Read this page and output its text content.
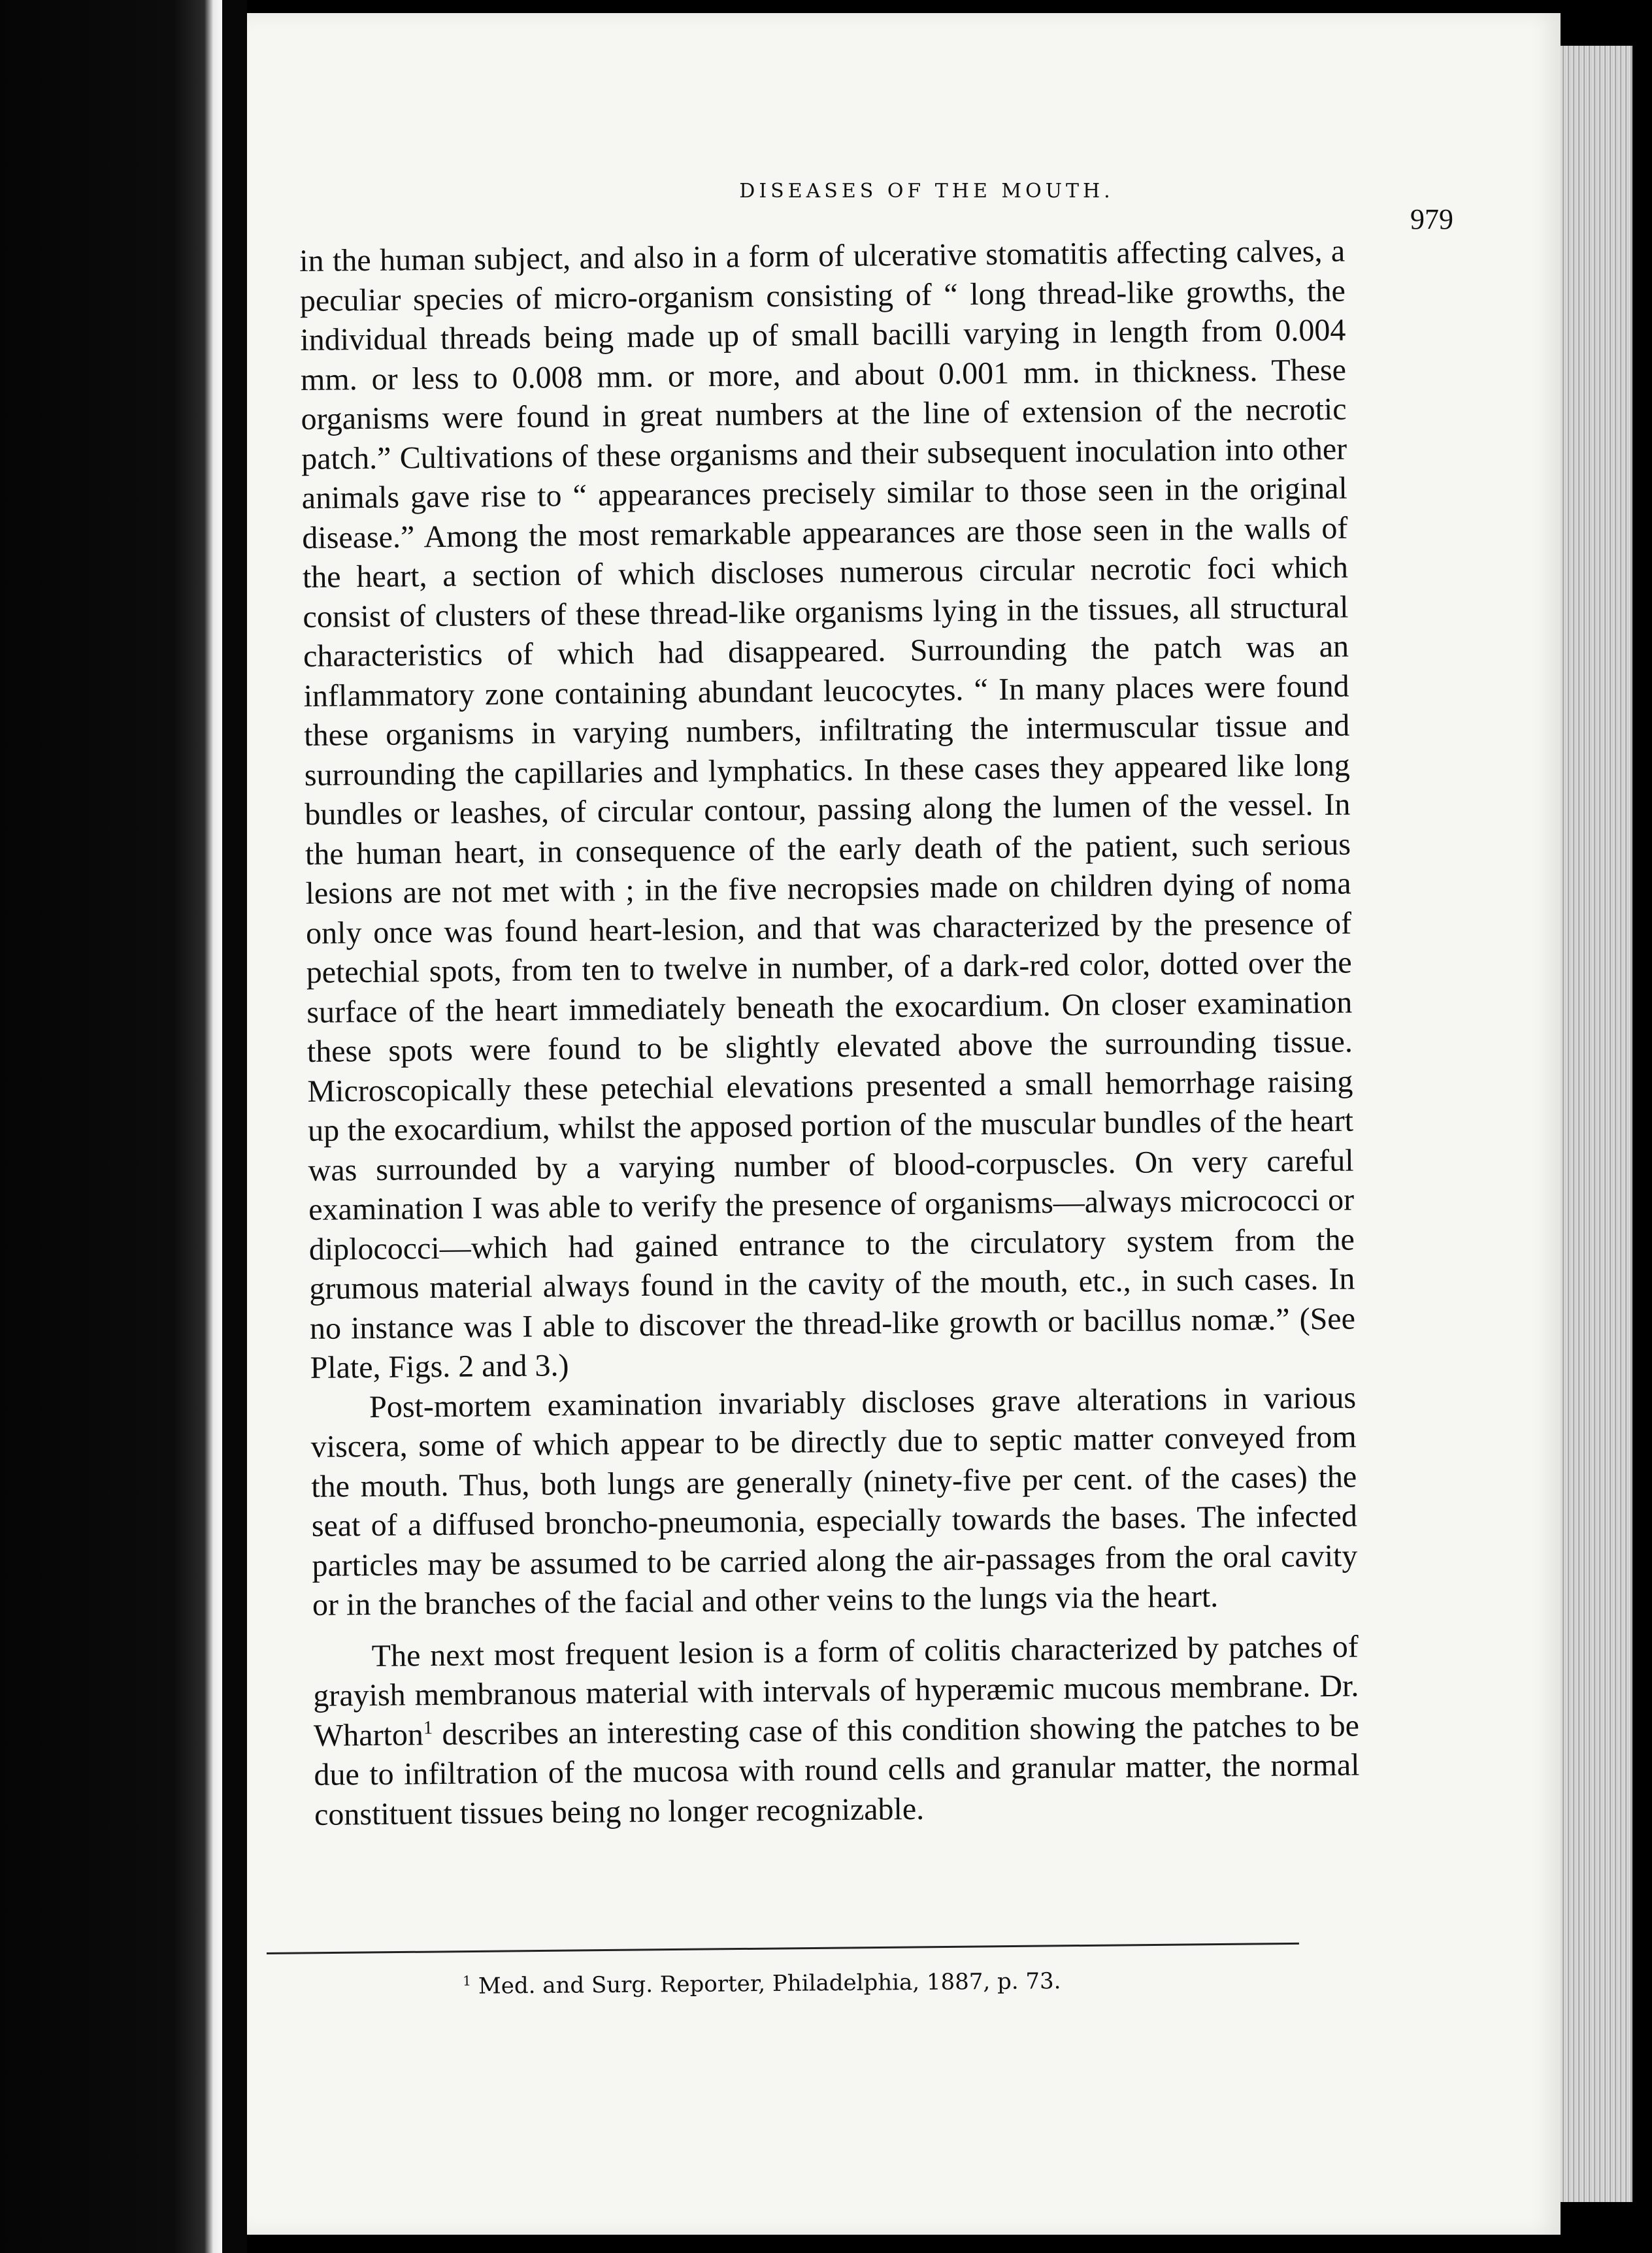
DISEASES OF THE MOUTH.
979

in the human subject, and also in a form of ulcerative stomatitis affecting calves, a peculiar species of micro-organism consisting of “ long thread-like growths, the individual threads being made up of small bacilli varying in length from 0.004 mm. or less to 0.008 mm. or more, and about 0.001 mm. in thickness. These organisms were found in great numbers at the line of extension of the necrotic patch.” Cultivations of these organisms and their subsequent inoculation into other animals gave rise to “ appearances precisely similar to those seen in the original disease.” Among the most remarkable appearances are those seen in the walls of the heart, a section of which discloses numerous circular necrotic foci which consist of clusters of these thread-like organisms lying in the tissues, all structural characteristics of which had disappeared. Surrounding the patch was an inflammatory zone containing abundant leucocytes. “ In many places were found these organisms in varying numbers, infiltrating the intermuscular tissue and surrounding the capillaries and lymphatics. In these cases they appeared like long bundles or leashes, of circular contour, passing along the lumen of the vessel. In the human heart, in consequence of the early death of the patient, such serious lesions are not met with ; in the five necropsies made on children dying of noma only once was found heart-lesion, and that was characterized by the presence of petechial spots, from ten to twelve in number, of a dark-red color, dotted over the surface of the heart immediately beneath the exocardium. On closer examination these spots were found to be slightly elevated above the surrounding tissue. Microscopically these petechial elevations presented a small hemorrhage raising up the exocardium, whilst the apposed portion of the muscular bundles of the heart was surrounded by a varying number of blood-corpuscles. On very careful examination I was able to verify the presence of organisms—always micrococci or diplococci—which had gained entrance to the circulatory system from the grumous material always found in the cavity of the mouth, etc., in such cases. In no instance was I able to discover the thread-like growth or bacillus nomæ.” (See Plate, Figs. 2 and 3.)

Post-mortem examination invariably discloses grave alterations in various viscera, some of which appear to be directly due to septic matter conveyed from the mouth. Thus, both lungs are generally (ninety-five per cent. of the cases) the seat of a diffused broncho-pneumonia, especially towards the bases. The infected particles may be assumed to be carried along the air-passages from the oral cavity or in the branches of the facial and other veins to the lungs via the heart.

The next most frequent lesion is a form of colitis characterized by patches of grayish membranous material with intervals of hyperæmic mucous membrane. Dr. Wharton$^1$ describes an interesting case of this condition showing the patches to be due to infiltration of the mucosa with round cells and granular matter, the normal constituent tissues being no longer recognizable.

$^1$ Med. and Surg. Reporter, Philadelphia, 1887, p. 73.
